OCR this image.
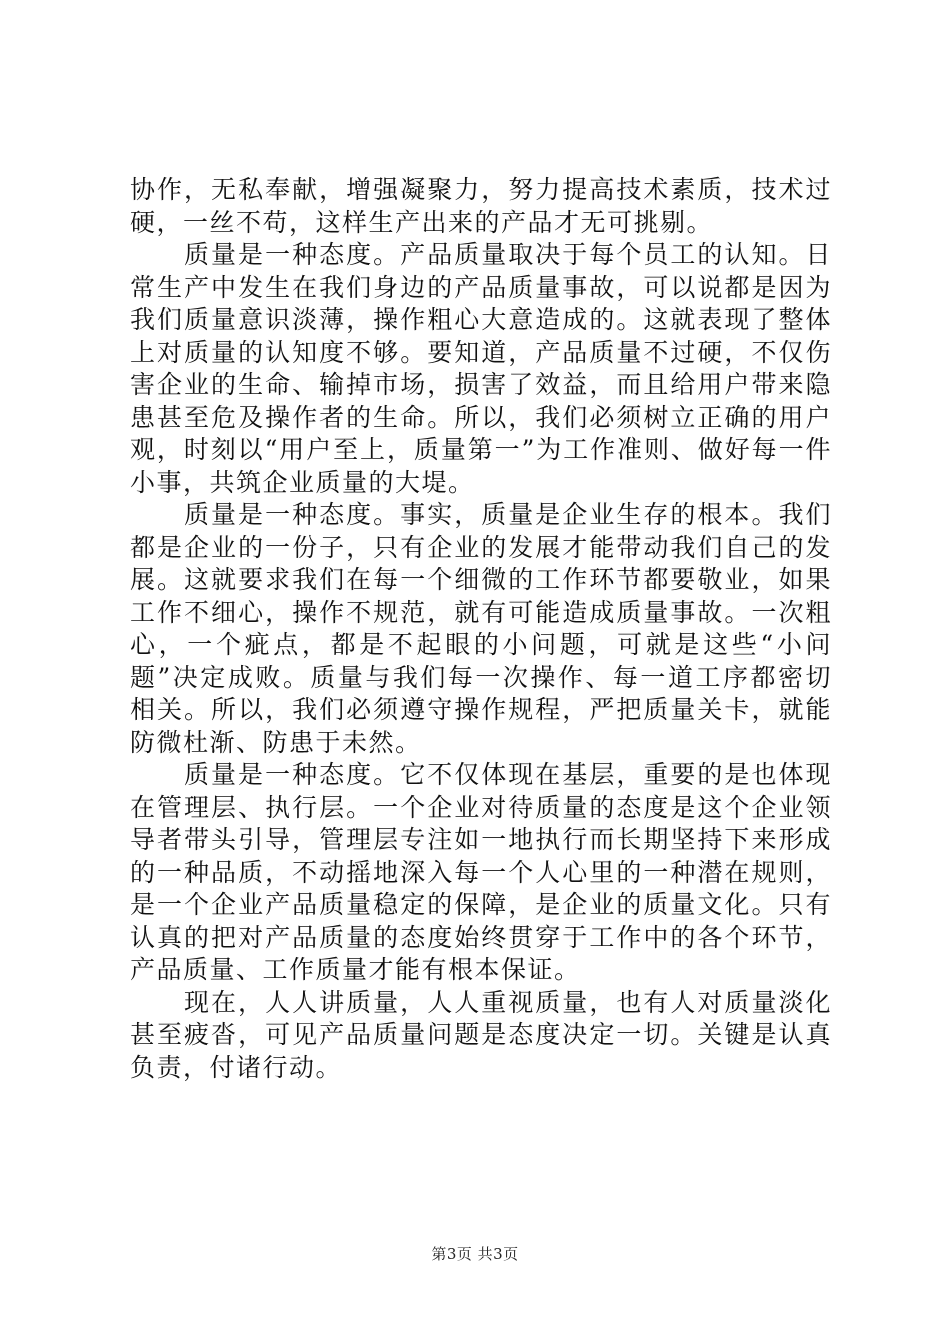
协作，无私奉献，增强凝聚力，努力提高技术素质，技术过硬，一丝不苟，这样生产出来的产品才无可挑剔。

质量是一种态度。产品质量取决于每个员工的认知。日常生产中发生在我们身边的产品质量事故，可以说都是因为我们质量意识淡薄，操作粗心大意造成的。这就表现了整体上对质量的认知度不够。要知道，产品质量不过硬，不仅伤害企业的生命、输掉市场，损害了效益，而且给用户带来隐患甚至危及操作者的生命。所以，我们必须树立正确的用户观，时刻以“用户至上，质量第一”为工作准则、做好每一件小事，共筑企业质量的大堤。

质量是一种态度。事实，质量是企业生存的根本。我们都是企业的一份子，只有企业的发展才能带动我们自己的发展。这就要求我们在每一个细微的工作环节都要敬业，如果工作不细心，操作不规范，就有可能造成质量事故。一次粗心，一个疵点，都是不起眼的小问题，可就是这些“小问题”决定成败。质量与我们每一次操作、每一道工序都密切相关。所以，我们必须遵守操作规程，严把质量关卡，就能防微杜渐、防患于未然。

质量是一种态度。它不仅体现在基层，重要的是也体现在管理层、执行层。一个企业对待质量的态度是这个企业领导者带头引导，管理层专注如一地执行而长期坚持下来形成的一种品质，不动摇地深入每一个人心里的一种潜在规则，是一个企业产品质量稳定的保障，是企业的质量文化。只有认真的把对产品质量的态度始终贯穿于工作中的各个环节，产品质量、工作质量才能有根本保证。

现在，人人讲质量，人人重视质量，也有人对质量淡化甚至疲沓，可见产品质量问题是态度决定一切。关键是认真负责，付诸行动。

第3页 共3页
